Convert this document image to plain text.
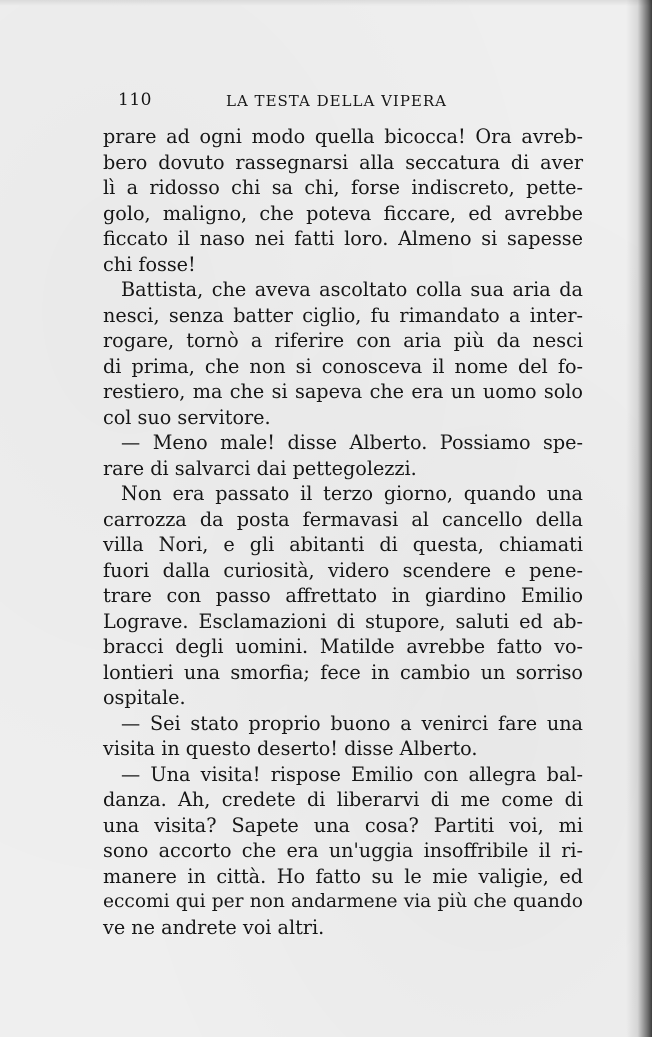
110	LA TESTA DELLA VIPERA
prare ad ogni modo quella bicocca! Ora avreb-
bero dovuto rassegnarsi alla seccatura di aver
lì a ridosso chi sa chi, forse indiscreto, pette-
golo, maligno, che poteva ficcare, ed avrebbe
ficcato il naso nei fatti loro. Almeno si sapesse
chi fosse!
Battista, che aveva ascoltato colla sua aria da
nesci, senza batter ciglio, fu rimandato a inter-
rogare, tornò a riferire con aria più da nesci
di prima, che non si conosceva il nome del fo-
restiero, ma che si sapeva che era un uomo solo
col suo servitore.
— Meno male! disse Alberto. Possiamo spe-
rare di salvarci dai pettegolezzi.
Non era passato il terzo giorno, quando una
carrozza da posta fermavasi al cancello della
villa Nori, e gli abitanti di questa, chiamati
fuori dalla curiosità, videro scendere e pene-
trare con passo affrettato in giardino Emilio
Lograve. Esclamazioni di stupore, saluti ed ab-
bracci degli uomini. Matilde avrebbe fatto vo-
lontieri una smorfia; fece in cambio un sorriso
ospitale.
— Sei stato proprio buono a venirci fare una
visita in questo deserto! disse Alberto.
— Una visita! rispose Emilio con allegra bal-
danza. Ah, credete di liberarvi di me come di
una visita? Sapete una cosa? Partiti voi, mi
sono accorto che era un'uggia insoffribile il ri-
manere in città. Ho fatto su le mie valigie, ed
eccomi qui per non andarmene via più che quando
ve ne andrete voi altri.
